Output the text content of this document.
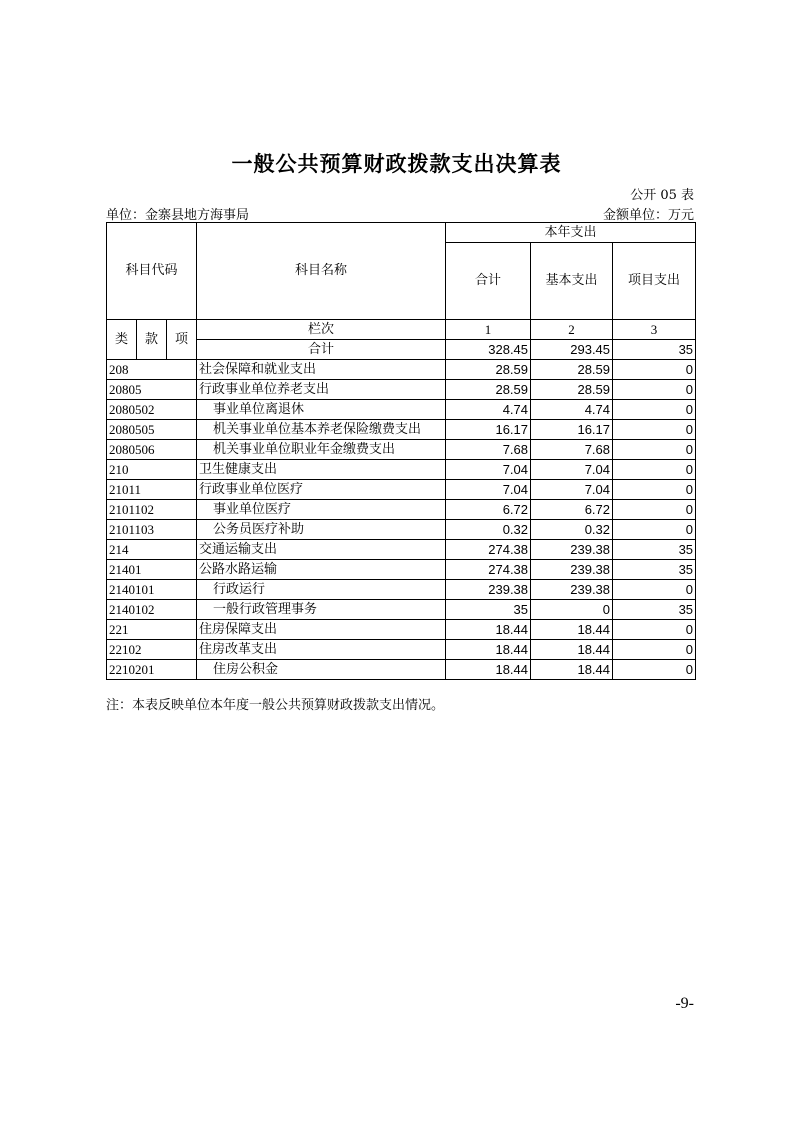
一般公共预算财政拨款支出决算表
公开 05 表
单位：金寨县地方海事局	金额单位：万元
科目代码			科目名称	本年支出		
				合计	基本支出	项目支出
类	款	项	栏次	1	2	3
			合计	328.45	293.45	35
208			社会保障和就业支出	28.59	28.59	0
20805			行政事业单位养老支出	28.59	28.59	0
2080502			事业单位离退休	4.74	4.74	0
2080505			机关事业单位基本养老保险缴费支出	16.17	16.17	0
2080506			机关事业单位职业年金缴费支出	7.68	7.68	0
210			卫生健康支出	7.04	7.04	0
21011			行政事业单位医疗	7.04	7.04	0
2101102			事业单位医疗	6.72	6.72	0
2101103			公务员医疗补助	0.32	0.32	0
214			交通运输支出	274.38	239.38	35
21401			公路水路运输	274.38	239.38	35
2140101			行政运行	239.38	239.38	0
2140102			一般行政管理事务	35	0	35
221			住房保障支出	18.44	18.44	0
22102			住房改革支出	18.44	18.44	0
2210201			住房公积金	18.44	18.44	0
注：本表反映单位本年度一般公共预算财政拨款支出情况。
-9-
